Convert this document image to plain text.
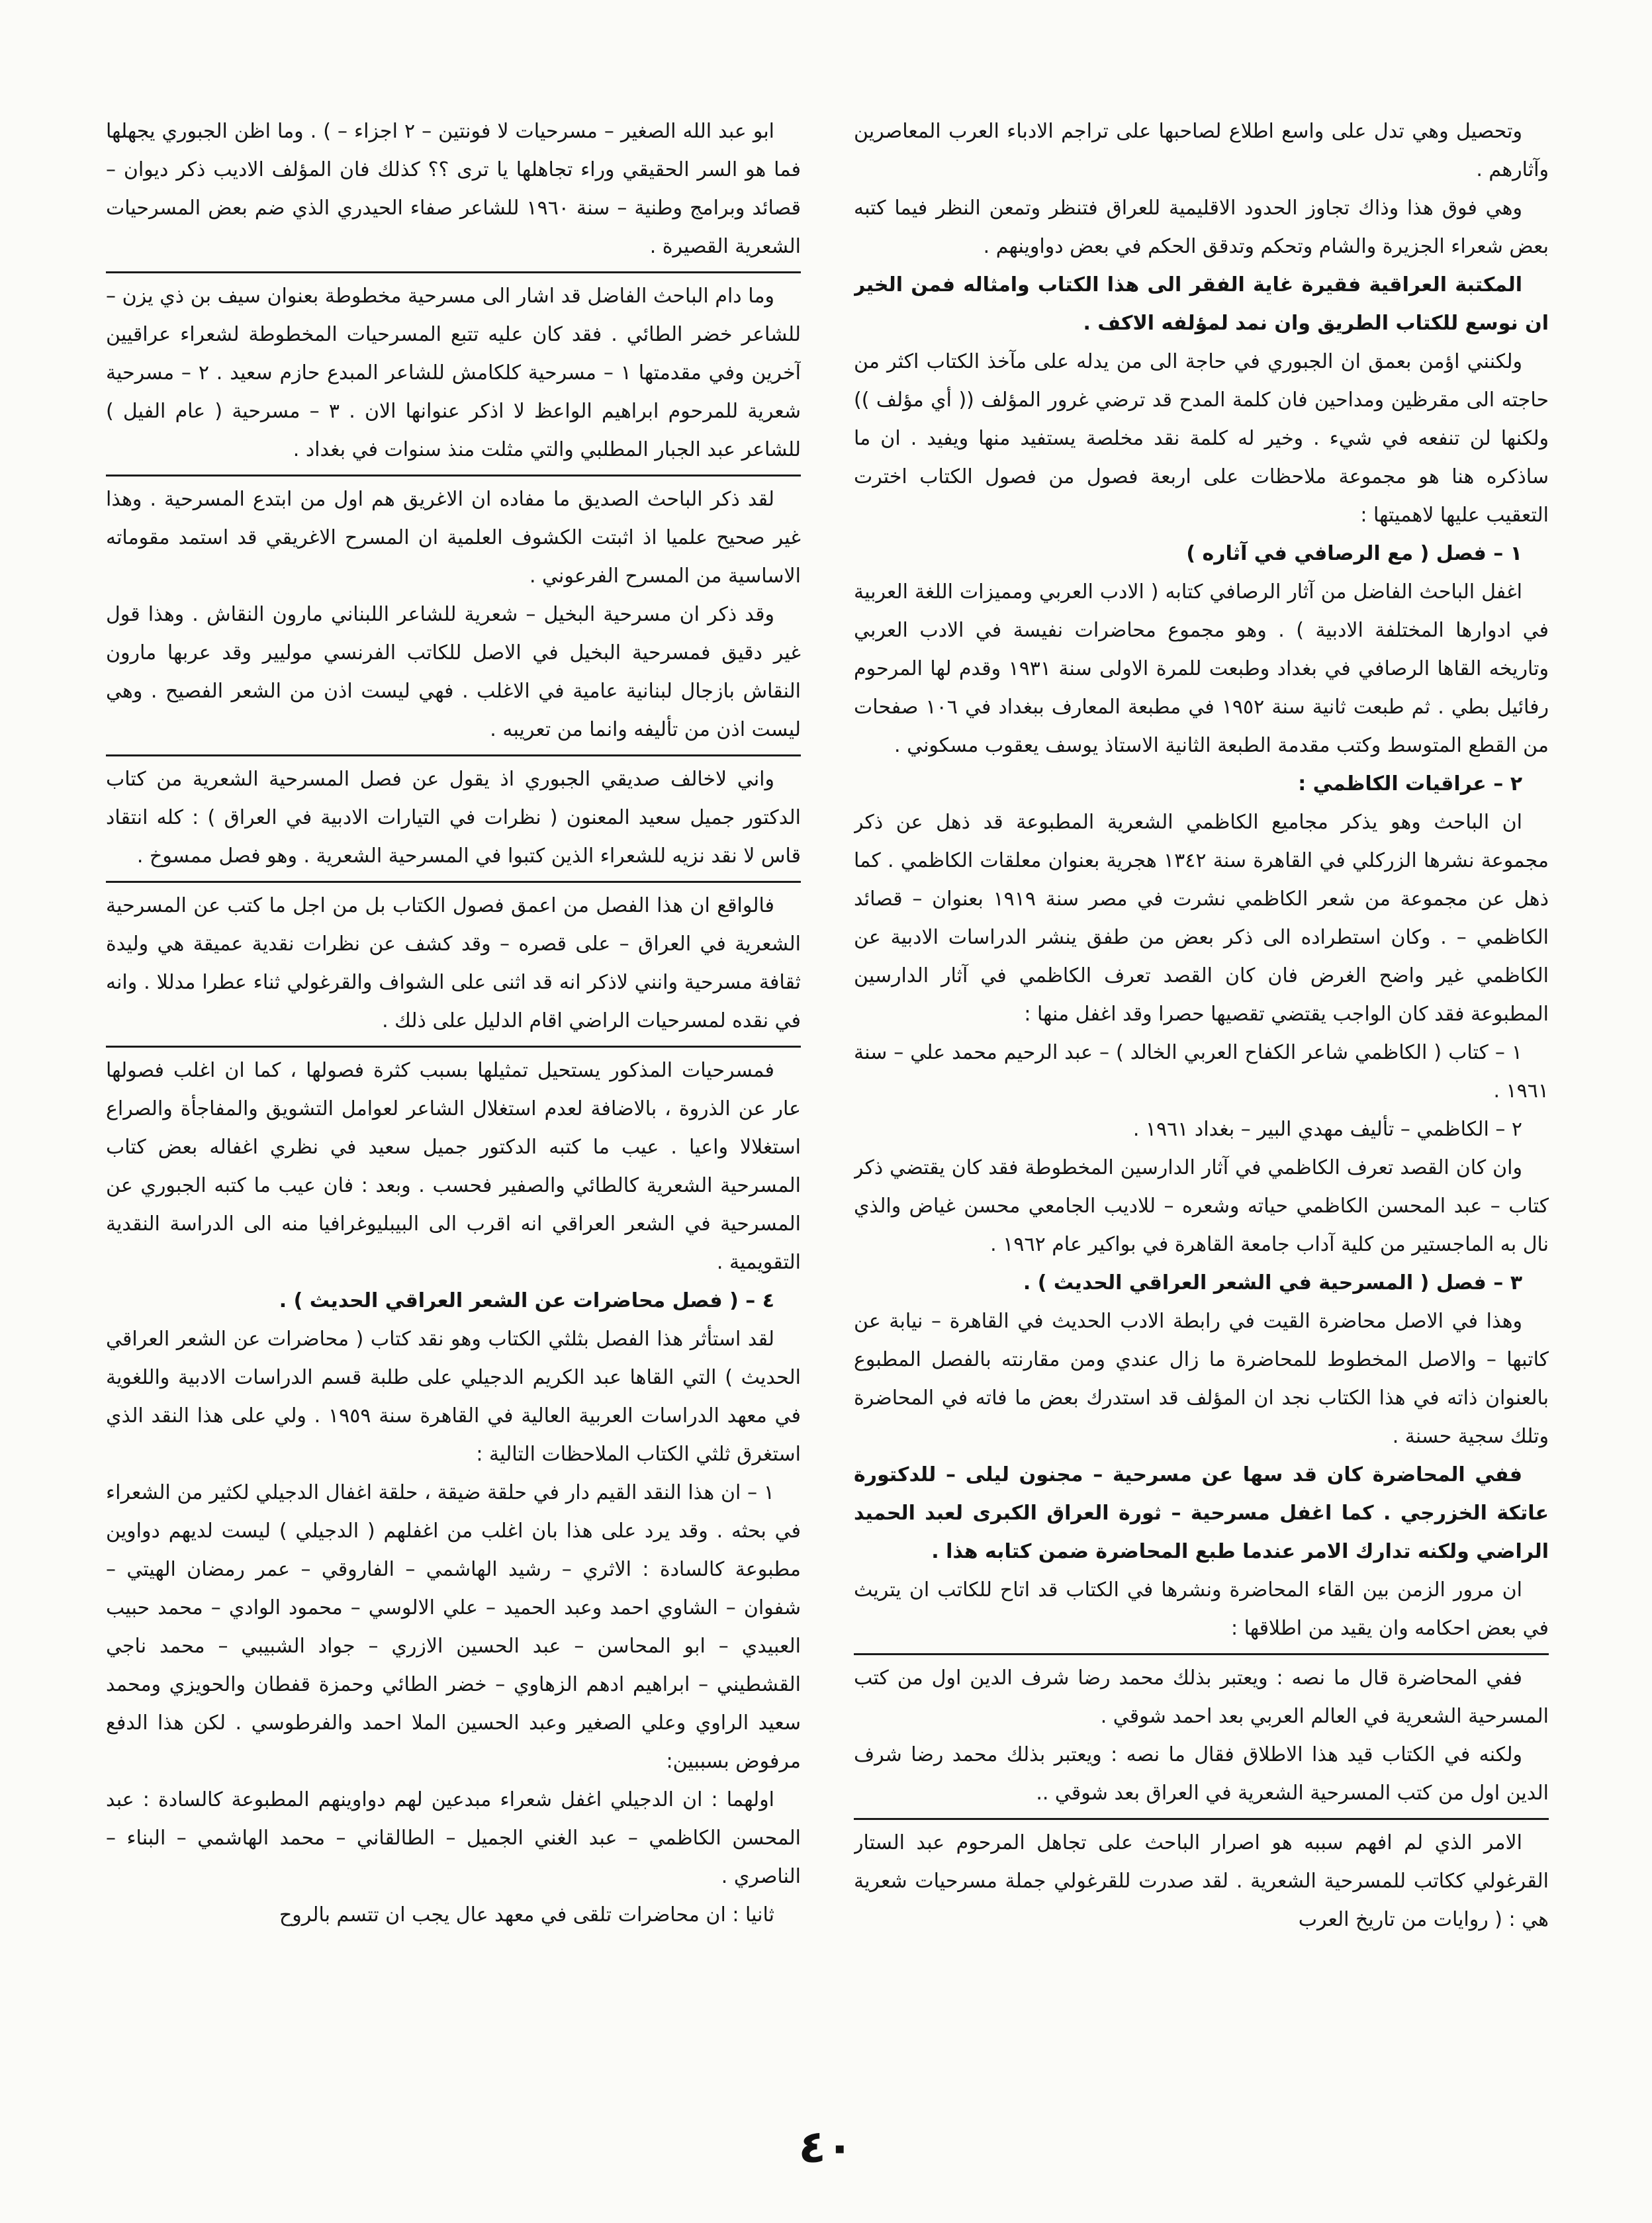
وتحصيل وهي تدل على واسع اطلاع لصاحبها على تراجم الادباء العرب المعاصرين وآثارهم .

وهي فوق هذا وذاك تجاوز الحدود الاقليمية للعراق فتنظر وتمعن النظر فيما كتبه بعض شعراء الجزيرة والشام وتحكم وتدقق الحكم في بعض دواوينهم .

المكتبة العراقية فقيرة غاية الفقر الى هذا الكتاب وامثاله فمن الخير ان نوسع للكتاب الطريق وان نمد لمؤلفه الاكف .

ولكنني اؤمن بعمق ان الجبوري في حاجة الى من يدله على مآخذ الكتاب اكثر من حاجته الى مقرظين ومداحين فان كلمة المدح قد ترضي غرور المؤلف (( أي مؤلف )) ولكنها لن تنفعه في شيء . وخير له كلمة نقد مخلصة يستفيد منها ويفيد . ان ما ساذكره هنا هو مجموعة ملاحظات على اربعة فصول من فصول الكتاب اخترت التعقيب عليها لاهميتها :

١ – فصل ( مع الرصافي في آثاره )

اغفل الباحث الفاضل من آثار الرصافي كتابه ( الادب العربي ومميزات اللغة العربية في ادوارها المختلفة الادبية ) . وهو مجموع محاضرات نفيسة في الادب العربي وتاريخه القاها الرصافي في بغداد وطبعت للمرة الاولى سنة ١٩٣١ وقدم لها المرحوم رفائيل بطي . ثم طبعت ثانية سنة ١٩٥٢ في مطبعة المعارف ببغداد في ١٠٦ صفحات من القطع المتوسط وكتب مقدمة الطبعة الثانية الاستاذ يوسف يعقوب مسكوني .

٢ – عراقيات الكاظمي :

ان الباحث وهو يذكر مجاميع الكاظمي الشعرية المطبوعة قد ذهل عن ذكر مجموعة نشرها الزركلي في القاهرة سنة ١٣٤٢ هجرية بعنوان معلقات الكاظمي . كما ذهل عن مجموعة من شعر الكاظمي نشرت في مصر سنة ١٩١٩ بعنوان – قصائد الكاظمي – . وكان استطراده الى ذكر بعض من طفق ينشر الدراسات الادبية عن الكاظمي غير واضح الغرض فان كان القصد تعرف الكاظمي في آثار الدارسين المطبوعة فقد كان الواجب يقتضي تقصيها حصرا وقد اغفل منها :

١ – كتاب ( الكاظمي شاعر الكفاح العربي الخالد ) – عبد الرحيم محمد علي – سنة ١٩٦١ .

٢ – الكاظمي – تأليف مهدي البير – بغداد ١٩٦١ .

وان كان القصد تعرف الكاظمي في آثار الدارسين المخطوطة فقد كان يقتضي ذكر كتاب – عبد المحسن الكاظمي حياته وشعره – للاديب الجامعي محسن غياض والذي نال به الماجستير من كلية آداب جامعة القاهرة في بواكير عام ١٩٦٢ .

٣ – فصل ( المسرحية في الشعر العراقي الحديث ) .

وهذا في الاصل محاضرة القيت في رابطة الادب الحديث في القاهرة – نيابة عن كاتبها – والاصل المخطوط للمحاضرة ما زال عندي ومن مقارنته بالفصل المطبوع بالعنوان ذاته في هذا الكتاب نجد ان المؤلف قد استدرك بعض ما فاته في المحاضرة وتلك سجية حسنة .

ففي المحاضرة كان قد سها عن مسرحية – مجنون ليلى – للدكتورة عاتكة الخزرجي . كما اغفل مسرحية – ثورة العراق الكبرى لعبد الحميد الراضي ولكنه تدارك الامر عندما طبع المحاضرة ضمن كتابه هذا .

ان مرور الزمن بين القاء المحاضرة ونشرها في الكتاب قد اتاح للكاتب ان يتريث في بعض احكامه وان يقيد من اطلاقها :

ففي المحاضرة قال ما نصه : ويعتبر بذلك محمد رضا شرف الدين اول من كتب المسرحية الشعرية في العالم العربي بعد احمد شوقي .

ولكنه في الكتاب قيد هذا الاطلاق فقال ما نصه : ويعتبر بذلك محمد رضا شرف الدين اول من كتب المسرحية الشعرية في العراق بعد شوقي ..

الامر الذي لم افهم سببه هو اصرار الباحث على تجاهل المرحوم عبد الستار القرغولي ككاتب للمسرحية الشعرية . لقد صدرت للقرغولي جملة مسرحيات شعرية هي : ( روايات من تاريخ العرب

ابو عبد الله الصغير – مسرحيات لا فونتين – ٢ اجزاء – ) . وما اظن الجبوري يجهلها فما هو السر الحقيقي وراء تجاهلها يا ترى ؟؟ كذلك فان المؤلف الاديب ذكر ديوان – قصائد وبرامج وطنية – سنة ١٩٦٠ للشاعر صفاء الحيدري الذي ضم بعض المسرحيات الشعرية القصيرة .

وما دام الباحث الفاضل قد اشار الى مسرحية مخطوطة بعنوان سيف بن ذي يزن – للشاعر خضر الطائي . فقد كان عليه تتبع المسرحيات المخطوطة لشعراء عراقيين آخرين وفي مقدمتها ١ – مسرحية كلكامش للشاعر المبدع حازم سعيد . ٢ – مسرحية شعرية للمرحوم ابراهيم الواعظ لا اذكر عنوانها الان . ٣ – مسرحية ( عام الفيل ) للشاعر عبد الجبار المطلبي والتي مثلت منذ سنوات في بغداد .

لقد ذكر الباحث الصديق ما مفاده ان الاغريق هم اول من ابتدع المسرحية . وهذا غير صحيح علميا اذ اثبتت الكشوف العلمية ان المسرح الاغريقي قد استمد مقوماته الاساسية من المسرح الفرعوني .

وقد ذكر ان مسرحية البخيل – شعرية للشاعر اللبناني مارون النقاش . وهذا قول غير دقيق فمسرحية البخيل في الاصل للكاتب الفرنسي موليير وقد عربها مارون النقاش بازجال لبنانية عامية في الاغلب . فهي ليست اذن من الشعر الفصيح . وهي ليست اذن من تأليفه وانما من تعريبه .

واني لاخالف صديقي الجبوري اذ يقول عن فصل المسرحية الشعرية من كتاب الدكتور جميل سعيد المعنون ( نظرات في التيارات الادبية في العراق ) : كله انتقاد قاس لا نقد نزيه للشعراء الذين كتبوا في المسرحية الشعرية . وهو فصل ممسوخ .

فالواقع ان هذا الفصل من اعمق فصول الكتاب بل من اجل ما كتب عن المسرحية الشعرية في العراق – على قصره – وقد كشف عن نظرات نقدية عميقة هي وليدة ثقافة مسرحية وانني لاذكر انه قد اثنى على الشواف والقرغولي ثناء عطرا مدللا . وانه في نقده لمسرحيات الراضي اقام الدليل على ذلك .

فمسرحيات المذكور يستحيل تمثيلها بسبب كثرة فصولها ، كما ان اغلب فصولها عار عن الذروة ، بالاضافة لعدم استغلال الشاعر لعوامل التشويق والمفاجأة والصراع استغلالا واعيا . عيب ما كتبه الدكتور جميل سعيد في نظري اغفاله بعض كتاب المسرحية الشعرية كالطائي والصفير فحسب . وبعد : فان عيب ما كتبه الجبوري عن المسرحية في الشعر العراقي انه اقرب الى البيبليوغرافيا منه الى الدراسة النقدية التقويمية .

٤ – ( فصل محاضرات عن الشعر العراقي الحديث ) .

لقد استأثر هذا الفصل بثلثي الكتاب وهو نقد كتاب ( محاضرات عن الشعر العراقي الحديث ) التي القاها عبد الكريم الدجيلي على طلبة قسم الدراسات الادبية واللغوية في معهد الدراسات العربية العالية في القاهرة سنة ١٩٥٩ . ولي على هذا النقد الذي استغرق ثلثي الكتاب الملاحظات التالية :

١ – ان هذا النقد القيم دار في حلقة ضيقة ، حلقة اغفال الدجيلي لكثير من الشعراء في بحثه . وقد يرد على هذا بان اغلب من اغفلهم ( الدجيلي ) ليست لديهم دواوين مطبوعة كالسادة : الاثري – رشيد الهاشمي – الفاروقي – عمر رمضان الهيتي – شفوان – الشاوي احمد وعبد الحميد – علي الالوسي – محمود الوادي – محمد حبيب العبيدي – ابو المحاسن – عبد الحسين الازري – جواد الشبيبي – محمد ناجي القشطيني – ابراهيم ادهم الزهاوي – خضر الطائي وحمزة قفطان والحويزي ومحمد سعيد الراوي وعلي الصغير وعبد الحسين الملا احمد والفرطوسي . لكن هذا الدفع مرفوض بسببين:

اولهما : ان الدجيلي اغفل شعراء مبدعين لهم دواوينهم المطبوعة كالسادة : عبد المحسن الكاظمي – عبد الغني الجميل – الطالقاني – محمد الهاشمي – البناء – الناصري .

ثانيا : ان محاضرات تلقى في معهد عال يجب ان تتسم بالروح

٤٠
